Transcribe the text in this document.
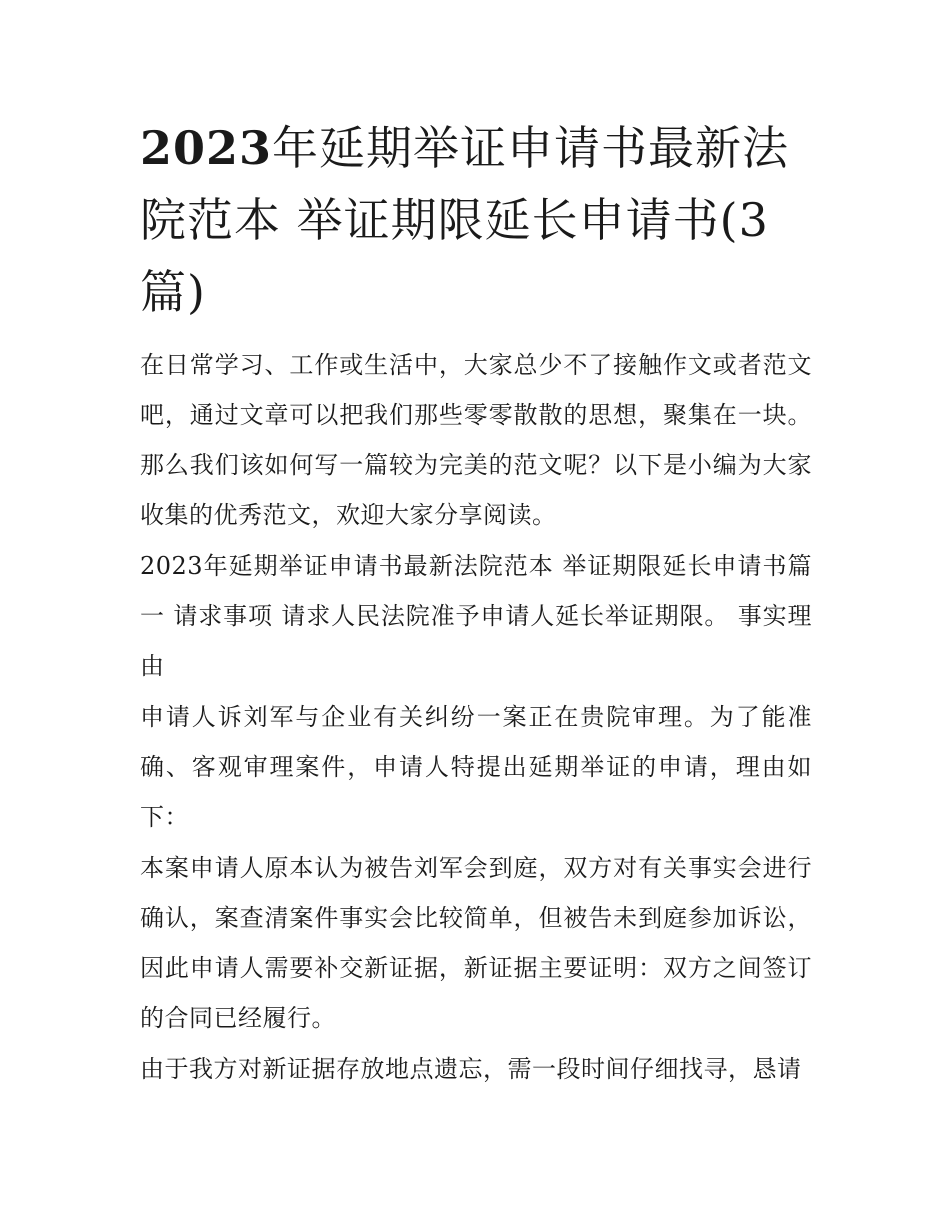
2023年延期举证申请书最新法院范本 举证期限延长申请书(3篇)

在日常学习、工作或生活中，大家总少不了接触作文或者范文吧，通过文章可以把我们那些零零散散的思想，聚集在一块。那么我们该如何写一篇较为完美的范文呢？以下是小编为大家收集的优秀范文，欢迎大家分享阅读。

2023年延期举证申请书最新法院范本 举证期限延长申请书篇一 请求事项 请求人民法院准予申请人延长举证期限。 事实理由

申请人诉刘军与企业有关纠纷一案正在贵院审理。为了能准确、客观审理案件，申请人特提出延期举证的申请，理由如下：

本案申请人原本认为被告刘军会到庭，双方对有关事实会进行确认，案查清案件事实会比较简单，但被告未到庭参加诉讼，因此申请人需要补交新证据，新证据主要证明：双方之间签订的合同已经履行。

由于我方对新证据存放地点遗忘，需一段时间仔细找寻，恳请
